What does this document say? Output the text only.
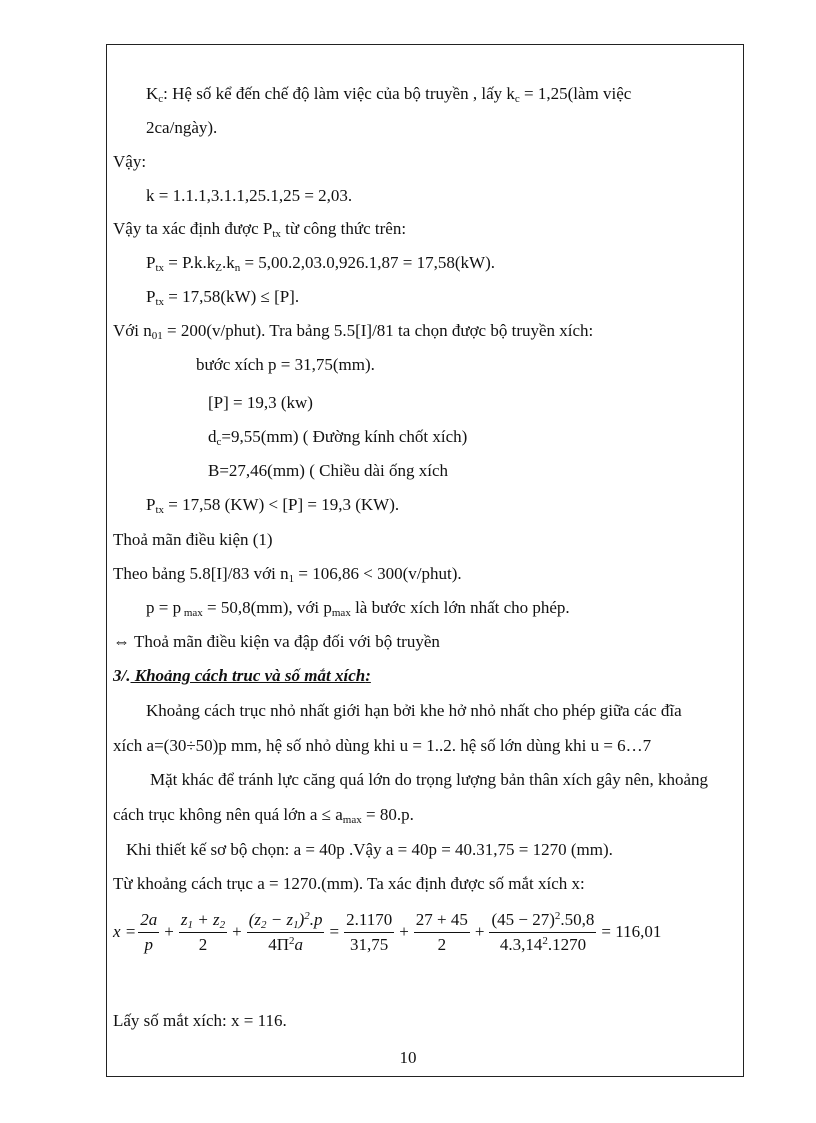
$K_c$: Hệ số kể đến chế độ làm việc của bộ truyền , lấy $k_c$ = 1,25(làm việc
2ca/ngày).
Vậy:
k = 1.1.1,3.1.1,25.1,25 = 2,03.
Vậy ta xác định được $P_{tx}$ từ công thức trên:
$P_{tx} = P.k.k_Z.k_n = 5,00.2,03.0,926.1,87 = 17,58(kW)$.
$P_{tx} = 17,58(kW) \le [P]$.
Với $n_{01}$ = 200(v/phut). Tra bảng 5.5[I]/81 ta chọn được bộ truyền xích:
bước xích p = 31,75(mm).
[P] = 19,3 (kw)
$d_c=9,55(mm)$ ( Đường kính chốt xích)
B=27,46(mm) ( Chiều dài ống xích
$P_{tx} = 17,58$ (KW) < [P] = 19,3 (KW).
Thoả mãn điều kiện (1)
Theo bảng 5.8[I]/83 với $n_1 = 106,86$ < 300(v/phut).
p = p $_{max}$ = 50,8(mm), với $p_{max}$ là bước xích lớn nhất cho phép.
⇔ Thoả mãn điều kiện va đập đối với bộ truyền
3/. Khoảng cách truc và số mắt xích:
Khoảng cách trục nhỏ nhất giới hạn bởi khe hở nhỏ nhất cho phép giữa các đĩa
xích a=(30÷50)p mm, hệ số nhỏ dùng khi u = 1..2. hệ số lớn dùng khi u = 6…7
Mặt khác để tránh lực căng quá lớn do trọng lượng bản thân xích gây nên, khoảng
cách trục không nên quá lớn $a \le a_{max} = 80.p$.
Khi thiết kế sơ bộ chọn: a = 40p .Vậy a = 40p = 40.31,75 = 1270 (mm).
Từ khoảng cách trục a = 1270.(mm). Ta xác định được số mắt xích x:
$x = \frac{2a}{p} + \frac{z_1 + z_2}{2} + \frac{(z_2 - z_1)^2.p}{4\Pi^2a} = \frac{2.1170}{31,75} + \frac{27 + 45}{2} + \frac{(45 - 27)^2.50,8}{4.3,14^2.1270} = 116,01$
Lấy số mắt xích: x = 116.
10
